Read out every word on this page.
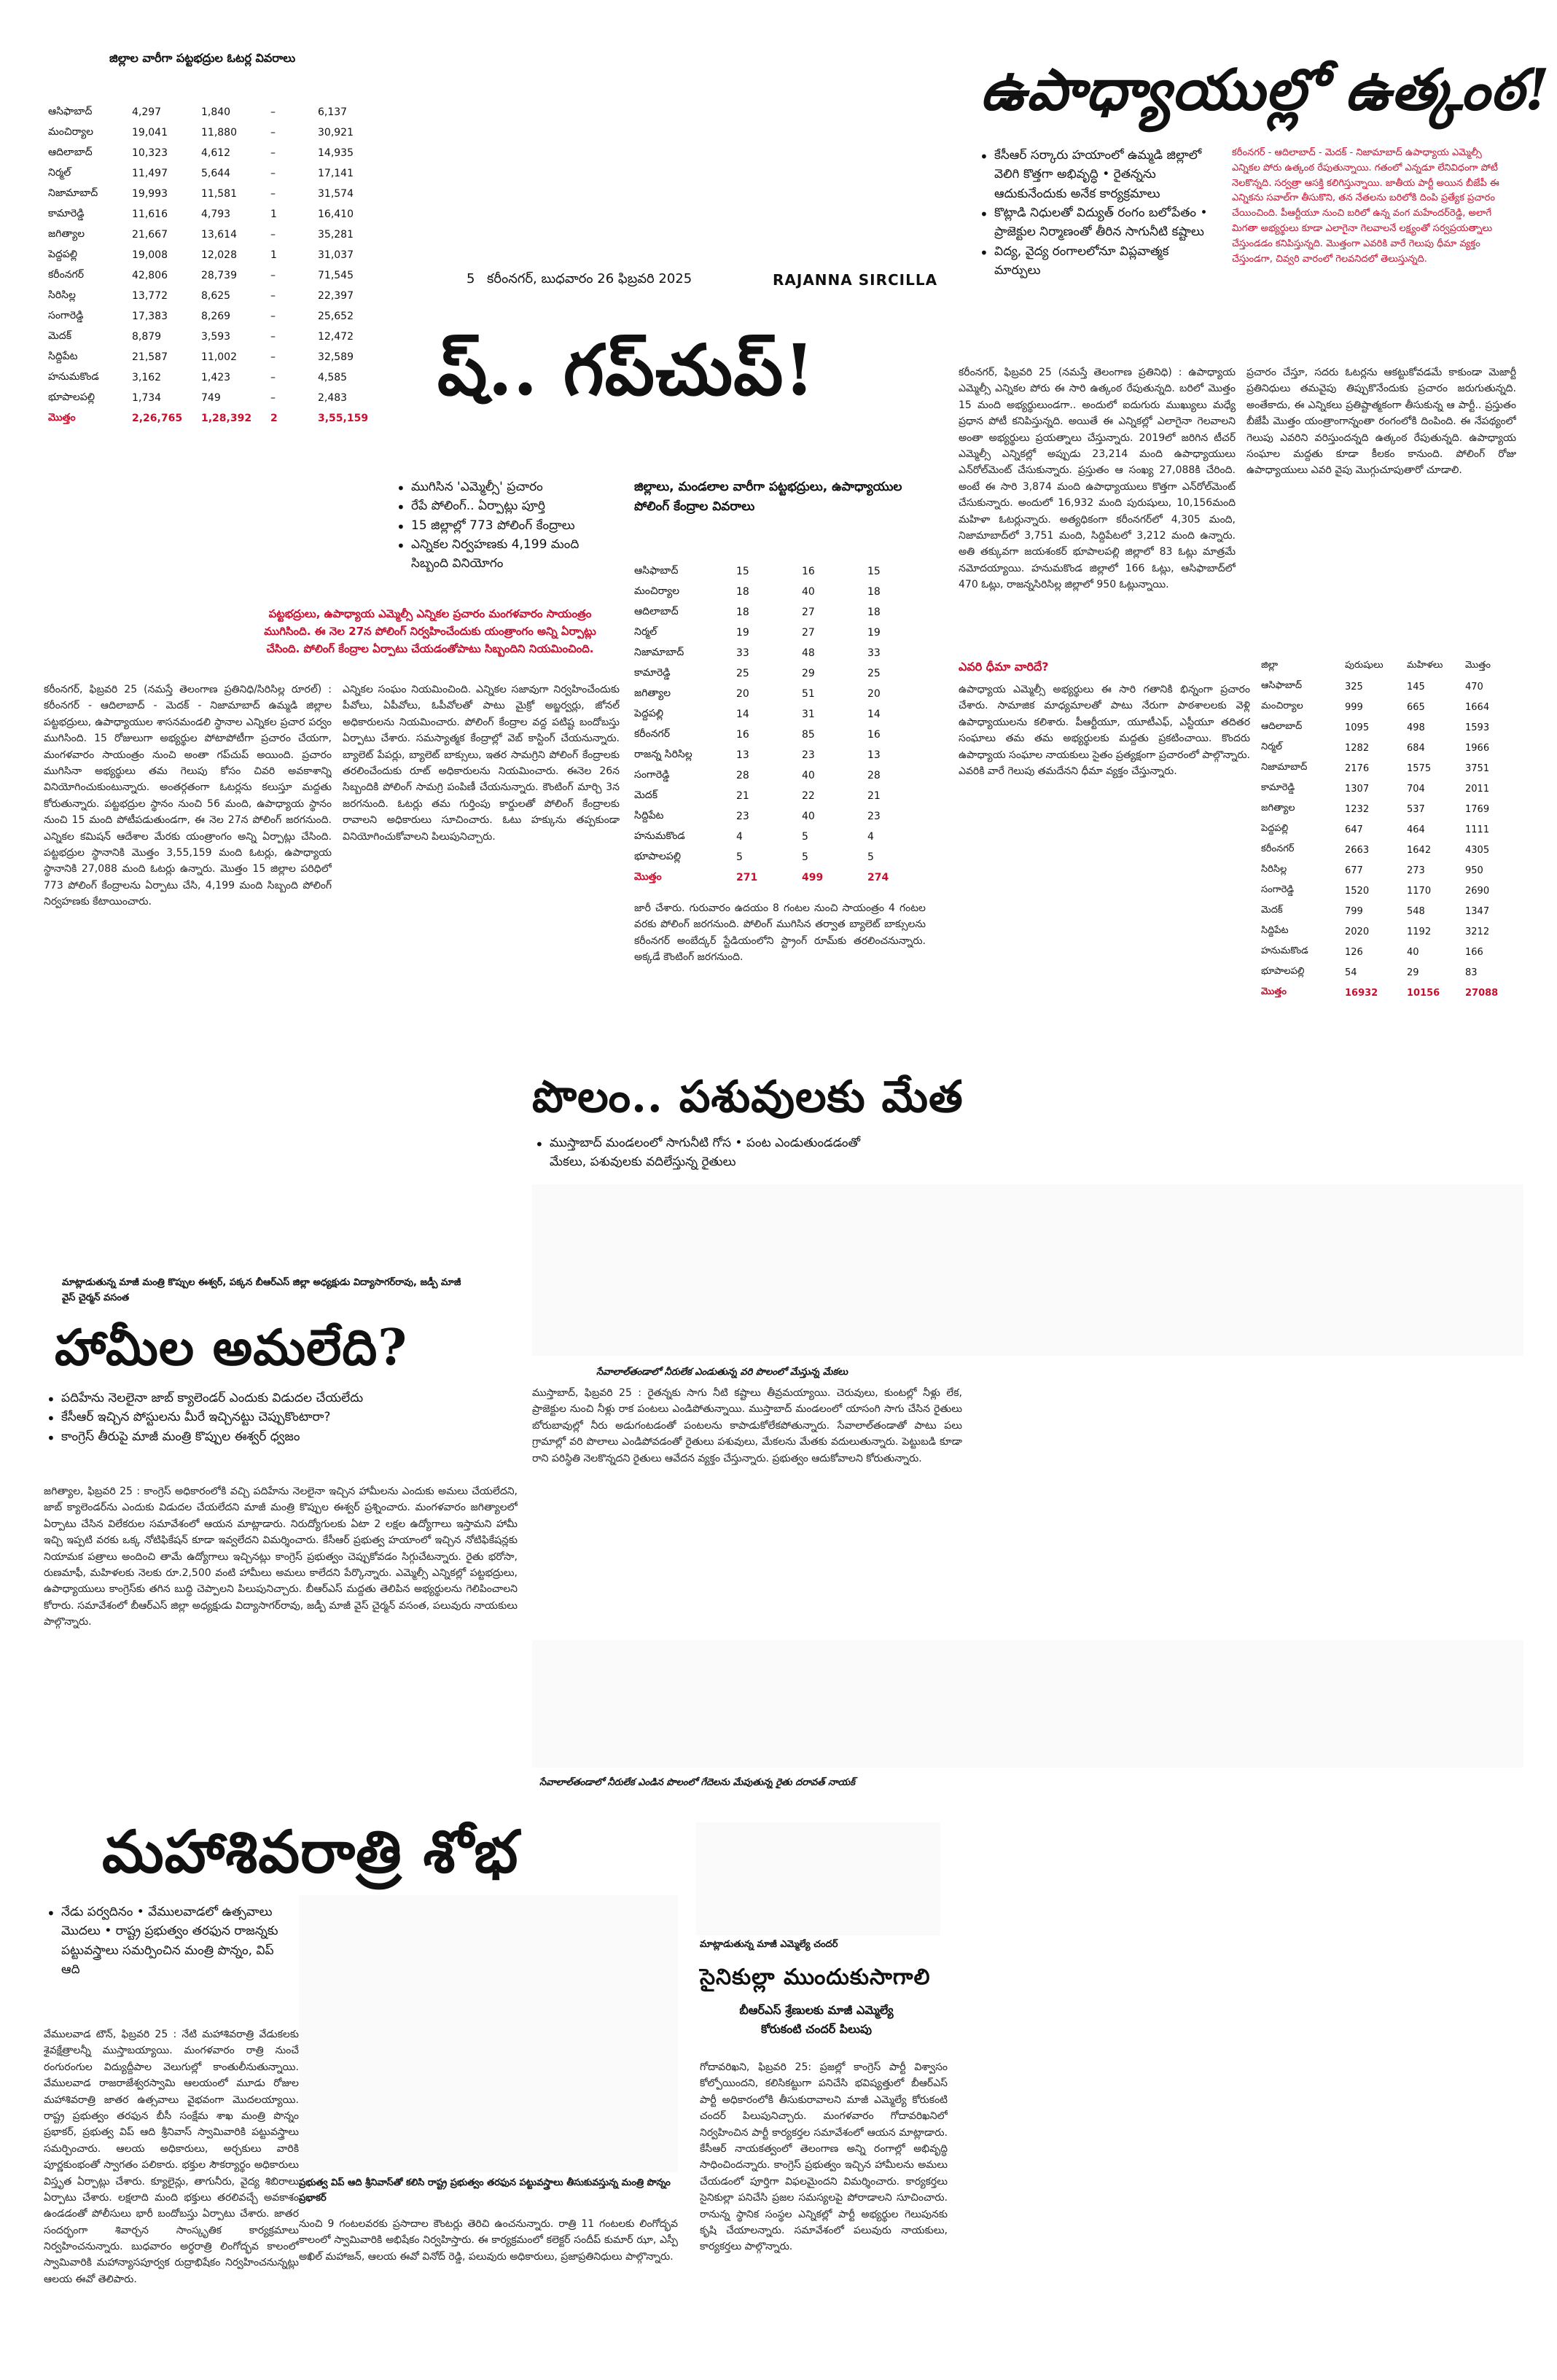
5 కరీంనగర్, బుధవారం 26 ఫిబ్రవరి 2025	RAJANNA SIRCILLA
జిల్లాల వారీగా పట్టభద్రుల ఓటర్ల వివరాలు
ఆసిఫాబాద్	4,297	1,840	–	6,137
మంచిర్యాల	19,041	11,880	–	30,921
ఆదిలాబాద్	10,323	4,612	–	14,935
నిర్మల్	11,497	5,644	–	17,141
నిజామాబాద్	19,993	11,581	–	31,574
కామారెడ్డి	11,616	4,793	1	16,410
జగిత్యాల	21,667	13,614	–	35,281
పెద్దపల్లి	19,008	12,028	1	31,037
కరీంనగర్	42,806	28,739	–	71,545
సిరిసిల్ల	13,772	8,625	–	22,397
సంగారెడ్డి	17,383	8,269	–	25,652
మెదక్	8,879	3,593	–	12,472
సిద్దిపేట	21,587	11,002	–	32,589
హనుమకొండ	3,162	1,423	–	4,585
భూపాలపల్లి	1,734	749	–	2,483
మొత్తం	2,26,765	1,28,392	2	3,55,159
ష్.. గప్‌చుప్!
• ముగిసిన 'ఎమ్మెల్సీ' ప్రచారం
• రేపే పోలింగ్.. ఏర్పాట్లు పూర్తి
• 15 జిల్లాల్లో 773 పోలింగ్ కేంద్రాలు
• ఎన్నికల నిర్వహణకు 4,199 మంది సిబ్బంది వినియోగం
పట్టభద్రులు, ఉపాధ్యాయ ఎమ్మెల్సీ ఎన్నికల ప్రచారం మంగళవారం సాయంత్రం ముగిసింది. ఈ నెల 27న పోలింగ్ నిర్వహించేందుకు యంత్రాంగం అన్ని ఏర్పాట్లు చేసింది. పోలింగ్ కేంద్రాల ఏర్పాటు చేయడంతోపాటు సిబ్బందిని నియమించింది.
కరీంనగర్, ఫిబ్రవరి 25 (నమస్తే తెలంగాణ ప్రతినిధి/సిరిసిల్ల రూరల్) : కరీంనగర్ - ఆదిలాబాద్ - మెదక్ - నిజామాబాద్ ఉమ్మడి జిల్లాల పట్టభద్రులు, ఉపాధ్యాయుల శాసనమండలి స్థానాల ఎన్నికల ప్రచార పర్వం ముగిసింది. 15 రోజులుగా అభ్యర్థుల పోటాపోటీగా ప్రచారం చేయగా, మంగళవారం సాయంత్రం నుంచి అంతా గప్‌చుప్ అయింది. ప్రచారం ముగిసినా అభ్యర్థులు తమ గెలుపు కోసం చివరి అవకాశాన్ని వినియోగించుకుంటున్నారు. అంతర్గతంగా ఓటర్లను కలుస్తూ మద్దతు కోరుతున్నారు. పట్టభద్రుల స్థానం నుంచి 56 మంది, ఉపాధ్యాయ స్థానం నుంచి 15 మంది పోటీపడుతుండగా, ఈ నెల 27న పోలింగ్ జరగనుంది. ఎన్నికల కమిషన్ ఆదేశాల మేరకు యంత్రాంగం అన్ని ఏర్పాట్లు చేసింది. పట్టభద్రుల స్థానానికి మొత్తం 3,55,159 మంది ఓటర్లు, ఉపాధ్యాయ స్థానానికి 27,088 మంది ఓటర్లు ఉన్నారు. మొత్తం 15 జిల్లాల పరిధిలో 773 పోలింగ్ కేంద్రాలను ఏర్పాటు చేసి, 4,199 మంది సిబ్బంది పోలింగ్ నిర్వహణకు కేటాయించారు.
ఎన్నికల సంఘం నియమించింది. ఎన్నికల సజావుగా నిర్వహించేందుకు పీవోలు, ఏపీవోలు, ఓపీవోలతో పాటు మైక్రో అబ్జర్వర్లు, జోనల్ అధికారులను నియమించారు. పోలింగ్ కేంద్రాల వద్ద పటిష్ట బందోబస్తు ఏర్పాటు చేశారు. సమస్యాత్మక కేంద్రాల్లో వెబ్ కాస్టింగ్ చేయనున్నారు. బ్యాలెట్ పేపర్లు, బ్యాలెట్ బాక్సులు, ఇతర సామగ్రిని పోలింగ్ కేంద్రాలకు తరలించేందుకు రూట్ అధికారులను నియమించారు. ఈనెల 26న సిబ్బందికి పోలింగ్ సామగ్రి పంపిణీ చేయనున్నారు. కౌంటింగ్ మార్చి 3న జరగనుంది. ఓటర్లు తమ గుర్తింపు కార్డులతో పోలింగ్ కేంద్రాలకు రావాలని అధికారులు సూచించారు. ఓటు హక్కును తప్పకుండా వినియోగించుకోవాలని పిలుపునిచ్చారు.
జిల్లాలు, మండలాల వారీగా పట్టభద్రులు, ఉపాధ్యాయుల పోలింగ్ కేంద్రాల వివరాలు
ఆసిఫాబాద్	15	16	15
మంచిర్యాల	18	40	18
ఆదిలాబాద్	18	27	18
నిర్మల్	19	27	19
నిజామాబాద్	33	48	33
కామారెడ్డి	25	29	25
జగిత్యాల	20	51	20
పెద్దపల్లి	14	31	14
కరీంనగర్	16	85	16
రాజన్న సిరిసిల్ల	13	23	13
సంగారెడ్డి	28	40	28
మెదక్	21	22	21
సిద్దిపేట	23	40	23
హనుమకొండ	4	5	4
భూపాలపల్లి	5	5	5
మొత్తం	271	499	274
జారీ చేశారు. గురువారం ఉదయం 8 గంటల నుంచి సాయంత్రం 4 గంటల వరకు పోలింగ్ జరగనుంది. పోలింగ్ ముగిసిన తర్వాత బ్యాలెట్ బాక్సులను కరీంనగర్ అంబేద్కర్ స్టేడియంలోని స్ట్రాంగ్ రూమ్‌కు తరలించనున్నారు. అక్కడే కౌంటింగ్ జరగనుంది.
ఉపాధ్యాయుల్లో ఉత్కంఠ!
• కేసీఆర్ సర్కారు హయాంలో ఉమ్మడి జిల్లాలో వెలిగి కొత్తగా అభివృద్ధి • రైతన్నను ఆదుకునేందుకు అనేక కార్యక్రమాలు
• కొట్లాడి నిధులతో విద్యుత్ రంగం బలోపేతం • ప్రాజెక్టుల నిర్మాణంతో తీరిన సాగునీటి కష్టాలు
• విద్య, వైద్య రంగాలలోనూ విప్లవాత్మక మార్పులు
కరీంనగర్ - ఆదిలాబాద్ - మెదక్ - నిజామాబాద్ ఉపాధ్యాయ ఎమ్మెల్సీ ఎన్నికల పోరు ఉత్కంఠ రేపుతున్నాయి. గతంలో ఎన్నడూ లేనివిధంగా పోటీ నెలకొన్నది. సర్వత్రా ఆసక్తి కలిగిస్తున్నాయి. జాతీయ పార్టీ అయిన బీజేపీ ఈ ఎన్నికను సవాల్‌గా తీసుకొని, తన నేతలను బరిలోకి దింపి ప్రత్యేక ప్రచారం చేయించింది. పీఆర్టీయూ నుంచి బరిలో ఉన్న వంగ మహేందర్‌రెడ్డి, అలాగే మిగతా అభ్యర్థులు కూడా ఎలాగైనా గెలవాలనే లక్ష్యంతో సర్వప్రయత్నాలు చేస్తుండడం కనిపిస్తున్నది. మొత్తంగా ఎవరికి వారే గెలుపు ధీమా వ్యక్తం చేస్తుండగా, చివ్వరి వారంలో గెలవనిదలో తెలుస్తున్నది.
కరీంనగర్, ఫిబ్రవరి 25 (నమస్తే తెలంగాణ ప్రతినిధి) : ఉపాధ్యాయ ఎమ్మెల్సీ ఎన్నికల పోరు ఈ సారి ఉత్కంఠ రేపుతున్నది. బరిలో మొత్తం 15 మంది అభ్యర్థులుండగా.. అందులో ఐదుగురు ముఖ్యులు మధ్యే ప్రధాన పోటీ కనిపిస్తున్నది. అయితే ఈ ఎన్నికల్లో ఎలాగైనా గెలవాలని అంతా అభ్యర్థులు ప్రయత్నాలు చేస్తున్నారు. 2019లో జరిగిన టీచర్ ఎమ్మెల్సీ ఎన్నికల్లో అప్పుడు 23,214 మంది ఉపాధ్యాయులు ఎన్‌రోల్‌మెంట్ చేసుకున్నారు. ప్రస్తుతం ఆ సంఖ్య 27,088కి చేరింది. అంటే ఈ సారి 3,874 మంది ఉపాధ్యాయులు కొత్తగా ఎన్‌రోల్‌మెంట్ చేసుకున్నారు. అందులో 16,932 మంది పురుషులు, 10,156మంది మహిళా ఓటర్లున్నారు. అత్యధికంగా కరీంనగర్‌లో 4,305 మంది, నిజామాబాద్‌లో 3,751 మంది, సిద్దిపేటలో 3,212 మంది ఉన్నారు. అతి తక్కువగా జయశంకర్ భూపాలపల్లి జిల్లాలో 83 ఓట్లు మాత్రమే నమోదయ్యాయి. హనుమకొండ జిల్లాలో 166 ఓట్లు, ఆసిఫాబాద్‌లో 470 ఓట్లు, రాజన్నసిరిసిల్ల జిల్లాలో 950 ఓట్లున్నాయి.
ప్రచారం చేస్తూ, సదరు ఓటర్లను ఆకట్టుకోవడమే కాకుండా మెజార్టీ ప్రతినిధులు తమవైపు తిప్పుకొనేందుకు ప్రచారం జరుగుతున్నది. అంతేకాదు, ఈ ఎన్నికలు ప్రతిష్టాత్మకంగా తీసుకున్న ఆ పార్టీ.. ప్రస్తుతం బీజేపీ మొత్తం యంత్రాంగాన్నంతా రంగంలోకి దింపింది. ఈ నేపథ్యంలో గెలుపు ఎవరిని వరిస్తుందన్నది ఉత్కంఠ రేపుతున్నది. ఉపాధ్యాయ సంఘాల మద్దతు కూడా కీలకం కానుంది. పోలింగ్ రోజు ఉపాధ్యాయులు ఎవరి వైపు మొగ్గుచూపుతారో చూడాలి.
ఎవరి ధీమా వారిదే?
ఉపాధ్యాయ ఎమ్మెల్సీ అభ్యర్థులు ఈ సారి గతానికి భిన్నంగా ప్రచారం చేశారు. సామాజిక మాధ్యమాలతో పాటు నేరుగా పాఠశాలలకు వెళ్లి ఉపాధ్యాయులను కలిశారు. పీఆర్టీయూ, యూటీఎఫ్, ఎస్టీయూ తదితర సంఘాలు తమ తమ అభ్యర్థులకు మద్దతు ప్రకటించాయి. కొందరు ఉపాధ్యాయ సంఘాల నాయకులు సైతం ప్రత్యక్షంగా ప్రచారంలో పాల్గొన్నారు. ఎవరికి వారే గెలుపు తమదేనని ధీమా వ్యక్తం చేస్తున్నారు.
జిల్లా	పురుషులు	మహిళలు	మొత్తం
ఆసిఫాబాద్	325	145	470
మంచిర్యాల	999	665	1664
ఆదిలాబాద్	1095	498	1593
నిర్మల్	1282	684	1966
నిజామాబాద్	2176	1575	3751
కామారెడ్డి	1307	704	2011
జగిత్యాల	1232	537	1769
పెద్దపల్లి	647	464	1111
కరీంనగర్	2663	1642	4305
సిరిసిల్ల	677	273	950
సంగారెడ్డి	1520	1170	2690
మెదక్	799	548	1347
సిద్దిపేట	2020	1192	3212
హనుమకొండ	126	40	166
భూపాలపల్లి	54	29	83
మొత్తం	16932	10156	27088
పొలం.. పశువులకు మేత
• ముస్తాబాద్ మండలంలో సాగునీటి గోస • పంట ఎండుతుండడంతో మేకలు, పశువులకు వదిలేస్తున్న రైతులు
సేవాలాల్‌తండాలో నీరులేక ఎండుతున్న వరి పొలంలో మేస్తున్న మేకలు
ముస్తాబాద్, ఫిబ్రవరి 25 : రైతన్నకు సాగు నీటి కష్టాలు తీవ్రమయ్యాయి. చెరువులు, కుంటల్లో నీళ్లు లేక, ప్రాజెక్టుల నుంచి నీళ్లు రాక పంటలు ఎండిపోతున్నాయి. ముస్తాబాద్ మండలంలో యాసంగి సాగు చేసిన రైతులు బోరుబావుల్లో నీరు అడుగంటడంతో పంటలను కాపాడుకోలేకపోతున్నారు. సేవాలాల్‌తండాతో పాటు పలు గ్రామాల్లో వరి పొలాలు ఎండిపోవడంతో రైతులు పశువులు, మేకలను మేతకు వదులుతున్నారు. పెట్టుబడి కూడా రాని పరిస్థితి నెలకొన్నదని రైతులు ఆవేదన వ్యక్తం చేస్తున్నారు. ప్రభుత్వం ఆదుకోవాలని కోరుతున్నారు.
సేవాలాల్‌తండాలో నీరులేక ఎండిన పొలంలో గేదెలను మేపుతున్న రైతు దరావత్ నాయక్
మాట్లాడుతున్న మాజీ మంత్రి కొప్పుల ఈశ్వర్, పక్కన బీఆర్‌ఎస్ జిల్లా అధ్యక్షుడు విద్యాసాగర్‌రావు, జడ్పీ మాజీ వైస్ చైర్మన్ వసంత
హామీల అమలేది?
• పదిహేను నెలలైనా జాబ్ క్యాలెండర్ ఎందుకు విడుదల చేయలేదు
• కేసీఆర్ ఇచ్చిన పోస్టులను మీరే ఇచ్చినట్టు చెప్పుకొంటారా?
• కాంగ్రెస్ తీరుపై మాజీ మంత్రి కొప్పుల ఈశ్వర్ ధ్వజం
జగిత్యాల, ఫిబ్రవరి 25 : కాంగ్రెస్ అధికారంలోకి వచ్చి పదిహేను నెలలైనా ఇచ్చిన హామీలను ఎందుకు అమలు చేయలేదని, జాబ్ క్యాలెండర్‌ను ఎందుకు విడుదల చేయలేదని మాజీ మంత్రి కొప్పుల ఈశ్వర్ ప్రశ్నించారు. మంగళవారం జగిత్యాలలో ఏర్పాటు చేసిన విలేకరుల సమావేశంలో ఆయన మాట్లాడారు. నిరుద్యోగులకు ఏటా 2 లక్షల ఉద్యోగాలు ఇస్తామని హామీ ఇచ్చి ఇప్పటి వరకు ఒక్క నోటిఫికేషన్ కూడా ఇవ్వలేదని విమర్శించారు. కేసీఆర్ ప్రభుత్వ హయాంలో ఇచ్చిన నోటిఫికేషన్లకు నియామక పత్రాలు అందించి తామే ఉద్యోగాలు ఇచ్చినట్లు కాంగ్రెస్ ప్రభుత్వం చెప్పుకోవడం సిగ్గుచేటన్నారు. రైతు భరోసా, రుణమాఫీ, మహిళలకు నెలకు రూ.2,500 వంటి హామీలు అమలు కాలేదని పేర్కొన్నారు. ఎమ్మెల్సీ ఎన్నికల్లో పట్టభద్రులు, ఉపాధ్యాయులు కాంగ్రెస్‌కు తగిన బుద్ధి చెప్పాలని పిలుపునిచ్చారు. బీఆర్‌ఎస్ మద్దతు తెలిపిన అభ్యర్థులను గెలిపించాలని కోరారు. సమావేశంలో బీఆర్‌ఎస్ జిల్లా అధ్యక్షుడు విద్యాసాగర్‌రావు, జడ్పీ మాజీ వైస్ చైర్మన్ వసంత, పలువురు నాయకులు పాల్గొన్నారు.
మహాశివరాత్రి శోభ
• నేడు పర్వదినం • వేములవాడలో ఉత్సవాలు మొదలు • రాష్ట్ర ప్రభుత్వం తరఫున రాజన్నకు పట్టువస్త్రాలు సమర్పించిన మంత్రి పొన్నం, విప్ ఆది
వేములవాడ టౌన్, ఫిబ్రవరి 25 : నేటి మహాశివరాత్రి వేడుకలకు శైవక్షేత్రాలన్నీ ముస్తాబయ్యాయి. మంగళవారం రాత్రి నుంచే రంగురంగుల విద్యుద్దీపాల వెలుగుల్లో కాంతులీనుతున్నాయి. వేములవాడ రాజరాజేశ్వరస్వామి ఆలయంలో మూడు రోజుల మహాశివరాత్రి జాతర ఉత్సవాలు వైభవంగా మొదలయ్యాయి. రాష్ట్ర ప్రభుత్వం తరఫున బీసీ సంక్షేమ శాఖ మంత్రి పొన్నం ప్రభాకర్, ప్రభుత్వ విప్ ఆది శ్రీనివాస్ స్వామివారికి పట్టువస్త్రాలు సమర్పించారు. ఆలయ అధికారులు, అర్చకులు వారికి పూర్ణకుంభంతో స్వాగతం పలికారు. భక్తుల సౌకర్యార్థం అధికారులు విస్తృత ఏర్పాట్లు చేశారు. క్యూలైన్లు, తాగునీరు, వైద్య శిబిరాలు ఏర్పాటు చేశారు. లక్షలాది మంది భక్తులు తరలివచ్చే అవకాశం ఉండడంతో పోలీసులు భారీ బందోబస్తు ఏర్పాటు చేశారు. జాతర సందర్భంగా శివార్చన సాంస్కృతిక కార్యక్రమాలు నిర్వహించనున్నారు. బుధవారం అర్ధరాత్రి లింగోద్భవ కాలంలో స్వామివారికి మహాన్యాసపూర్వక రుద్రాభిషేకం నిర్వహించనున్నట్లు ఆలయ ఈవో తెలిపారు.
ప్రభుత్వ విప్ ఆది శ్రీనివాస్‌తో కలిసి రాష్ట్ర ప్రభుత్వం తరఫున పట్టువస్త్రాలు తీసుకువస్తున్న మంత్రి పొన్నం ప్రభాకర్
నుంచి 9 గంటలవరకు ప్రసాదాల కౌంటర్లు తెరిచి ఉంచనున్నారు. రాత్రి 11 గంటలకు లింగోద్భవ కాలంలో స్వామివారికి అభిషేకం నిర్వహిస్తారు. ఈ కార్యక్రమంలో కలెక్టర్ సందీప్ కుమార్ ఝా, ఎస్పీ అఖిల్ మహాజన్, ఆలయ ఈవో వినోద్ రెడ్డి, పలువురు అధికారులు, ప్రజాప్రతినిధులు పాల్గొన్నారు.
మాట్లాడుతున్న మాజీ ఎమ్మెల్యే చందర్
సైనికుల్లా ముందుకుసాగాలి
బీఆర్‌ఎస్ శ్రేణులకు మాజీ ఎమ్మెల్యే కోరుకంటి చందర్ పిలుపు
గోదావరిఖని, ఫిబ్రవరి 25: ప్రజల్లో కాంగ్రెస్ పార్టీ విశ్వాసం కోల్పోయిందని, కలిసికట్టుగా పనిచేసి భవిష్యత్తులో బీఆర్‌ఎస్ పార్టీ అధికారంలోకి తీసుకురావాలని మాజీ ఎమ్మెల్యే కోరుకంటి చందర్ పిలుపునిచ్చారు. మంగళవారం గోదావరిఖనిలో నిర్వహించిన పార్టీ కార్యకర్తల సమావేశంలో ఆయన మాట్లాడారు. కేసీఆర్ నాయకత్వంలో తెలంగాణ అన్ని రంగాల్లో అభివృద్ధి సాధించిందన్నారు. కాంగ్రెస్ ప్రభుత్వం ఇచ్చిన హామీలను అమలు చేయడంలో పూర్తిగా విఫలమైందని విమర్శించారు. కార్యకర్తలు సైనికుల్లా పనిచేసి ప్రజల సమస్యలపై పోరాడాలని సూచించారు. రానున్న స్థానిక సంస్థల ఎన్నికల్లో పార్టీ అభ్యర్థుల గెలుపునకు కృషి చేయాలన్నారు. సమావేశంలో పలువురు నాయకులు, కార్యకర్తలు పాల్గొన్నారు.
